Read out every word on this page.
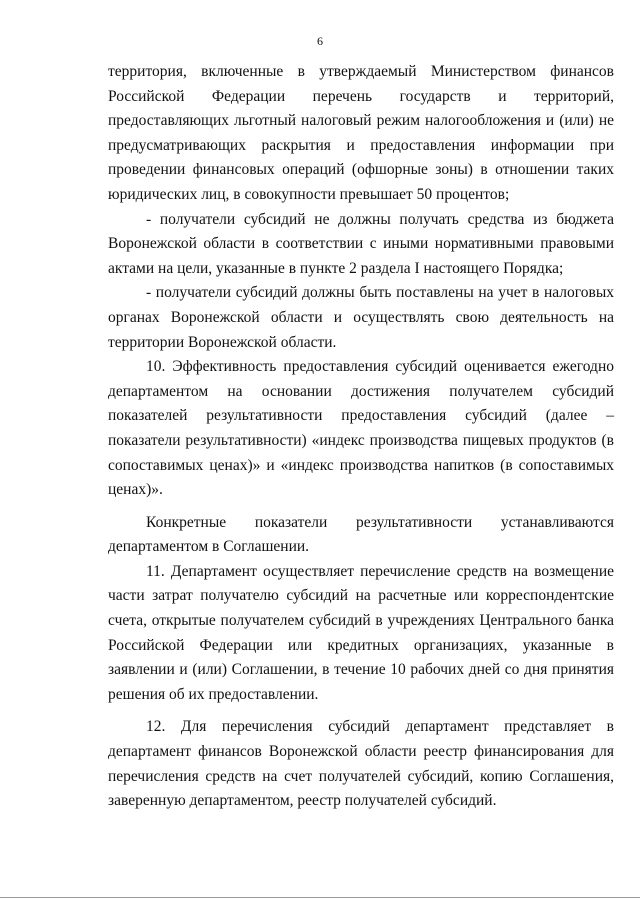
6

территория, включенные в утверждаемый Министерством финансов Российской Федерации перечень государств и территорий, предоставляющих льготный налоговый режим налогообложения и (или) не предусматривающих раскрытия и предоставления информации при проведении финансовых операций (офшорные зоны) в отношении таких юридических лиц, в совокупности превышает 50 процентов;

- получатели субсидий не должны получать средства из бюджета Воронежской области в соответствии с иными нормативными правовыми актами на цели, указанные в пункте 2 раздела I настоящего Порядка;

- получатели субсидий должны быть поставлены на учет в налоговых органах Воронежской области и осуществлять свою деятельность на территории Воронежской области.

10. Эффективность предоставления субсидий оценивается ежегодно департаментом на основании достижения получателем субсидий показателей результативности предоставления субсидий (далее – показатели результативности) «индекс производства пищевых продуктов (в сопоставимых ценах)» и «индекс производства напитков (в сопоставимых ценах)».

Конкретные показатели результативности устанавливаются департаментом в Соглашении.

11. Департамент осуществляет перечисление средств на возмещение части затрат получателю субсидий на расчетные или корреспондентские счета, открытые получателем субсидий в учреждениях Центрального банка Российской Федерации или кредитных организациях, указанные в заявлении и (или) Соглашении, в течение 10 рабочих дней со дня принятия решения об их предоставлении.

12. Для перечисления субсидий департамент представляет в департамент финансов Воронежской области реестр финансирования для перечисления средств на счет получателей субсидий, копию Соглашения, заверенную департаментом, реестр получателей субсидий.
